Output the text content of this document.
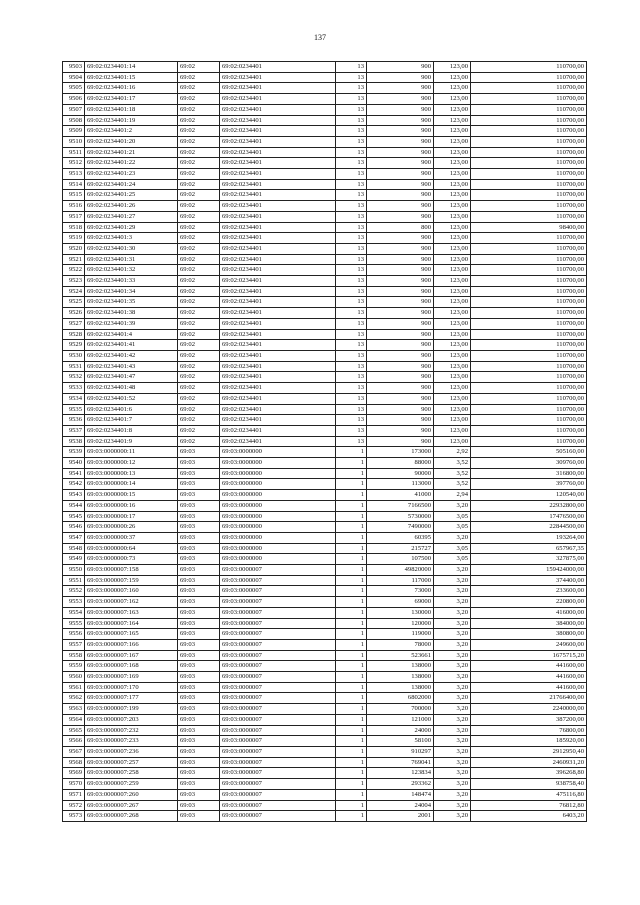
137
9503	69:02:0234401:14	69:02	69:02:0234401	13	900	123,00	110700,00
9504	69:02:0234401:15	69:02	69:02:0234401	13	900	123,00	110700,00
9505	69:02:0234401:16	69:02	69:02:0234401	13	900	123,00	110700,00
9506	69:02:0234401:17	69:02	69:02:0234401	13	900	123,00	110700,00
9507	69:02:0234401:18	69:02	69:02:0234401	13	900	123,00	110700,00
9508	69:02:0234401:19	69:02	69:02:0234401	13	900	123,00	110700,00
9509	69:02:0234401:2	69:02	69:02:0234401	13	900	123,00	110700,00
9510	69:02:0234401:20	69:02	69:02:0234401	13	900	123,00	110700,00
9511	69:02:0234401:21	69:02	69:02:0234401	13	900	123,00	110700,00
9512	69:02:0234401:22	69:02	69:02:0234401	13	900	123,00	110700,00
9513	69:02:0234401:23	69:02	69:02:0234401	13	900	123,00	110700,00
9514	69:02:0234401:24	69:02	69:02:0234401	13	900	123,00	110700,00
9515	69:02:0234401:25	69:02	69:02:0234401	13	900	123,00	110700,00
9516	69:02:0234401:26	69:02	69:02:0234401	13	900	123,00	110700,00
9517	69:02:0234401:27	69:02	69:02:0234401	13	900	123,00	110700,00
9518	69:02:0234401:29	69:02	69:02:0234401	13	800	123,00	98400,00
9519	69:02:0234401:3	69:02	69:02:0234401	13	900	123,00	110700,00
9520	69:02:0234401:30	69:02	69:02:0234401	13	900	123,00	110700,00
9521	69:02:0234401:31	69:02	69:02:0234401	13	900	123,00	110700,00
9522	69:02:0234401:32	69:02	69:02:0234401	13	900	123,00	110700,00
9523	69:02:0234401:33	69:02	69:02:0234401	13	900	123,00	110700,00
9524	69:02:0234401:34	69:02	69:02:0234401	13	900	123,00	110700,00
9525	69:02:0234401:35	69:02	69:02:0234401	13	900	123,00	110700,00
9526	69:02:0234401:38	69:02	69:02:0234401	13	900	123,00	110700,00
9527	69:02:0234401:39	69:02	69:02:0234401	13	900	123,00	110700,00
9528	69:02:0234401:4	69:02	69:02:0234401	13	900	123,00	110700,00
9529	69:02:0234401:41	69:02	69:02:0234401	13	900	123,00	110700,00
9530	69:02:0234401:42	69:02	69:02:0234401	13	900	123,00	110700,00
9531	69:02:0234401:43	69:02	69:02:0234401	13	900	123,00	110700,00
9532	69:02:0234401:47	69:02	69:02:0234401	13	900	123,00	110700,00
9533	69:02:0234401:48	69:02	69:02:0234401	13	900	123,00	110700,00
9534	69:02:0234401:52	69:02	69:02:0234401	13	900	123,00	110700,00
9535	69:02:0234401:6	69:02	69:02:0234401	13	900	123,00	110700,00
9536	69:02:0234401:7	69:02	69:02:0234401	13	900	123,00	110700,00
9537	69:02:0234401:8	69:02	69:02:0234401	13	900	123,00	110700,00
9538	69:02:0234401:9	69:02	69:02:0234401	13	900	123,00	110700,00
9539	69:03:0000000:11	69:03	69:03:0000000	1	173000	2,92	505160,00
9540	69:03:0000000:12	69:03	69:03:0000000	1	88000	3,52	309760,00
9541	69:03:0000000:13	69:03	69:03:0000000	1	90000	3,52	316800,00
9542	69:03:0000000:14	69:03	69:03:0000000	1	113000	3,52	397760,00
9543	69:03:0000000:15	69:03	69:03:0000000	1	41000	2,94	120540,00
9544	69:03:0000000:16	69:03	69:03:0000000	1	7166500	3,20	22932800,00
9545	69:03:0000000:17	69:03	69:03:0000000	1	5730000	3,05	17476500,00
9546	69:03:0000000:26	69:03	69:03:0000000	1	7490000	3,05	22844500,00
9547	69:03:0000000:37	69:03	69:03:0000000	1	60395	3,20	193264,00
9548	69:03:0000000:64	69:03	69:03:0000000	1	215727	3,05	657967,35
9549	69:03:0000000:73	69:03	69:03:0000000	1	107500	3,05	327875,00
9550	69:03:0000007:158	69:03	69:03:0000007	1	49820000	3,20	159424000,00
9551	69:03:0000007:159	69:03	69:03:0000007	1	117000	3,20	374400,00
9552	69:03:0000007:160	69:03	69:03:0000007	1	73000	3,20	233600,00
9553	69:03:0000007:162	69:03	69:03:0000007	1	69000	3,20	220800,00
9554	69:03:0000007:163	69:03	69:03:0000007	1	130000	3,20	416000,00
9555	69:03:0000007:164	69:03	69:03:0000007	1	120000	3,20	384000,00
9556	69:03:0000007:165	69:03	69:03:0000007	1	119000	3,20	380800,00
9557	69:03:0000007:166	69:03	69:03:0000007	1	78000	3,20	249600,00
9558	69:03:0000007:167	69:03	69:03:0000007	1	523661	3,20	1675715,20
9559	69:03:0000007:168	69:03	69:03:0000007	1	138000	3,20	441600,00
9560	69:03:0000007:169	69:03	69:03:0000007	1	138000	3,20	441600,00
9561	69:03:0000007:170	69:03	69:03:0000007	1	138000	3,20	441600,00
9562	69:03:0000007:177	69:03	69:03:0000007	1	6802000	3,20	21766400,00
9563	69:03:0000007:199	69:03	69:03:0000007	1	700000	3,20	2240000,00
9564	69:03:0000007:203	69:03	69:03:0000007	1	121000	3,20	387200,00
9565	69:03:0000007:232	69:03	69:03:0000007	1	24000	3,20	76800,00
9566	69:03:0000007:233	69:03	69:03:0000007	1	58100	3,20	185920,00
9567	69:03:0000007:236	69:03	69:03:0000007	1	910297	3,20	2912950,40
9568	69:03:0000007:257	69:03	69:03:0000007	1	769041	3,20	2460931,20
9569	69:03:0000007:258	69:03	69:03:0000007	1	123834	3,20	396268,80
9570	69:03:0000007:259	69:03	69:03:0000007	1	293362	3,20	938758,40
9571	69:03:0000007:260	69:03	69:03:0000007	1	148474	3,20	475116,80
9572	69:03:0000007:267	69:03	69:03:0000007	1	24004	3,20	76812,80
9573	69:03:0000007:268	69:03	69:03:0000007	1	2001	3,20	6403,20
